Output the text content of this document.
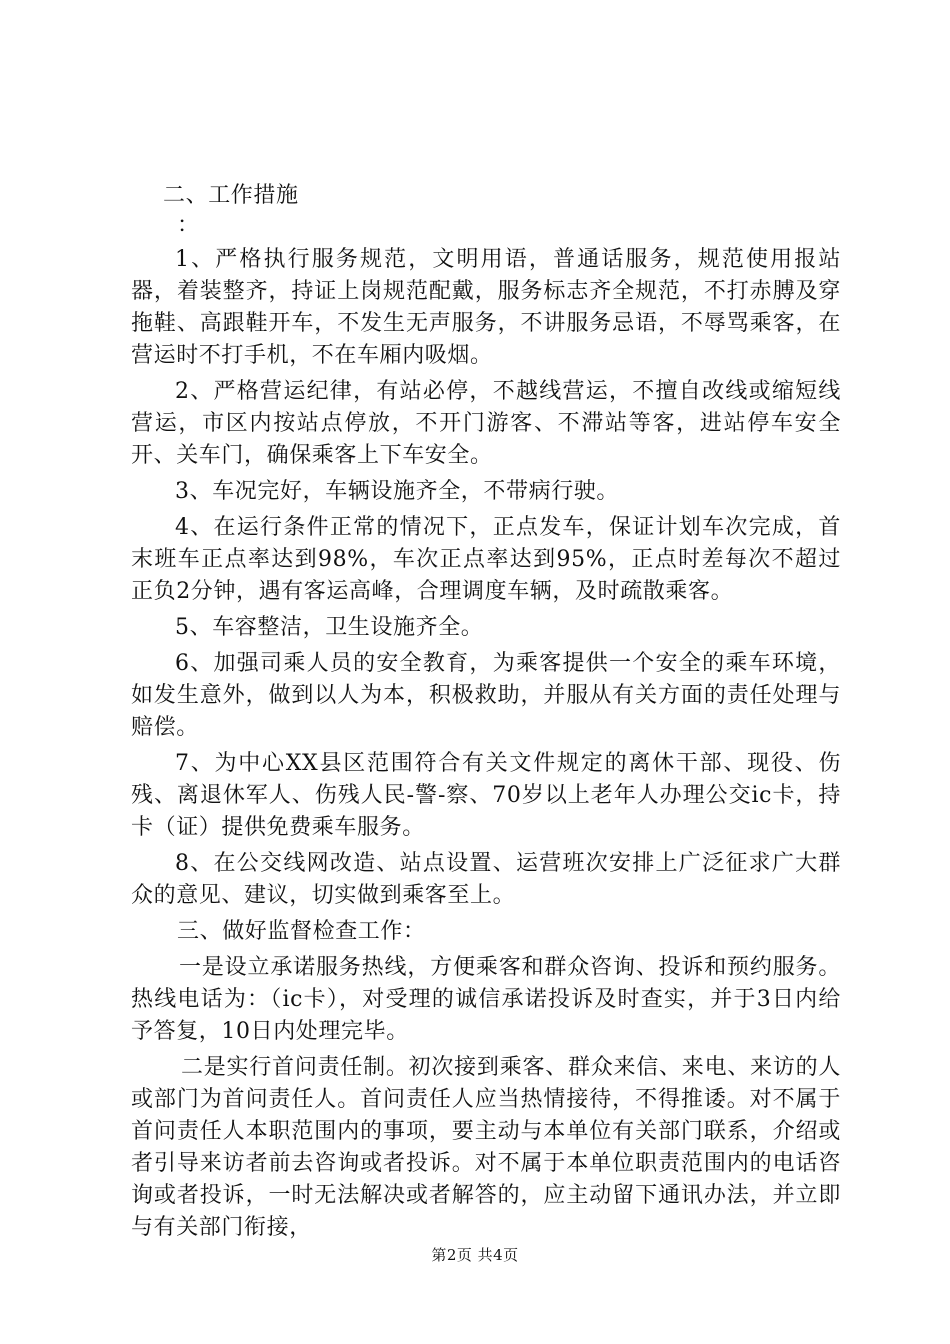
二、工作措施

：

1、严格执行服务规范，文明用语，普通话服务，规范使用报站器，着装整齐，持证上岗规范配戴，服务标志齐全规范，不打赤膊及穿拖鞋、高跟鞋开车，不发生无声服务，不讲服务忌语，不辱骂乘客，在营运时不打手机，不在车厢内吸烟。

2、严格营运纪律，有站必停，不越线营运，不擅自改线或缩短线营运，市区内按站点停放，不开门游客、不滞站等客，进站停车安全开、关车门，确保乘客上下车安全。

3、车况完好，车辆设施齐全，不带病行驶。

4、在运行条件正常的情况下，正点发车，保证计划车次完成，首末班车正点率达到98%，车次正点率达到95%，正点时差每次不超过正负2分钟，遇有客运高峰，合理调度车辆，及时疏散乘客。

5、车容整洁，卫生设施齐全。

6、加强司乘人员的安全教育，为乘客提供一个安全的乘车环境，如发生意外，做到以人为本，积极救助，并服从有关方面的责任处理与赔偿。

7、为中心XX县区范围符合有关文件规定的离休干部、现役、伤残、离退休军人、伤残人民-警-察、70岁以上老年人办理公交ic卡，持卡（证）提供免费乘车服务。

8、在公交线网改造、站点设置、运营班次安排上广泛征求广大群众的意见、建议，切实做到乘客至上。

三、做好监督检查工作：

一是设立承诺服务热线，方便乘客和群众咨询、投诉和预约服务。热线电话为：（ic卡），对受理的诚信承诺投诉及时查实，并于3日内给予答复，10日内处理完毕。

二是实行首问责任制。初次接到乘客、群众来信、来电、来访的人或部门为首问责任人。首问责任人应当热情接待，不得推诿。对不属于首问责任人本职范围内的事项，要主动与本单位有关部门联系，介绍或者引导来访者前去咨询或者投诉。对不属于本单位职责范围内的电话咨询或者投诉，一时无法解决或者解答的，应主动留下通讯办法，并立即与有关部门衔接，

第2页 共4页
